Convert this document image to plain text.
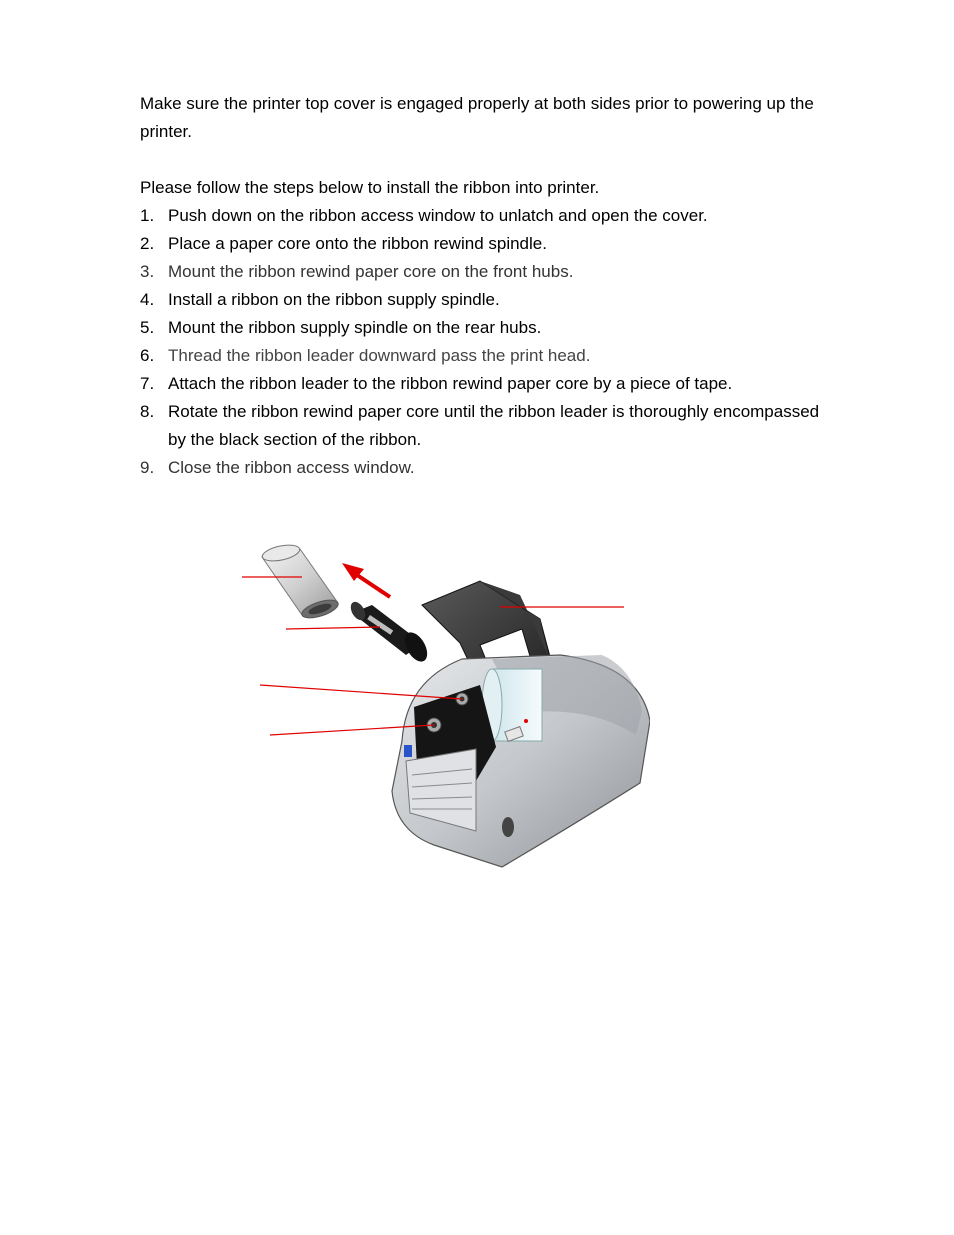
Make sure the printer top cover is engaged properly at both sides prior to powering up the printer.

Please follow the steps below to install the ribbon into printer.

1. Push down on the ribbon access window to unlatch and open the cover.
2. Place a paper core onto the ribbon rewind spindle.
3. Mount the ribbon rewind paper core on the front hubs.
4. Install a ribbon on the ribbon supply spindle.
5. Mount the ribbon supply spindle on the rear hubs.
6. Thread the ribbon leader downward pass the print head.
7. Attach the ribbon leader to the ribbon rewind paper core by a piece of tape.
8. Rotate the ribbon rewind paper core until the ribbon leader is thoroughly encompassed by the black section of the ribbon.
9. Close the ribbon access window.
